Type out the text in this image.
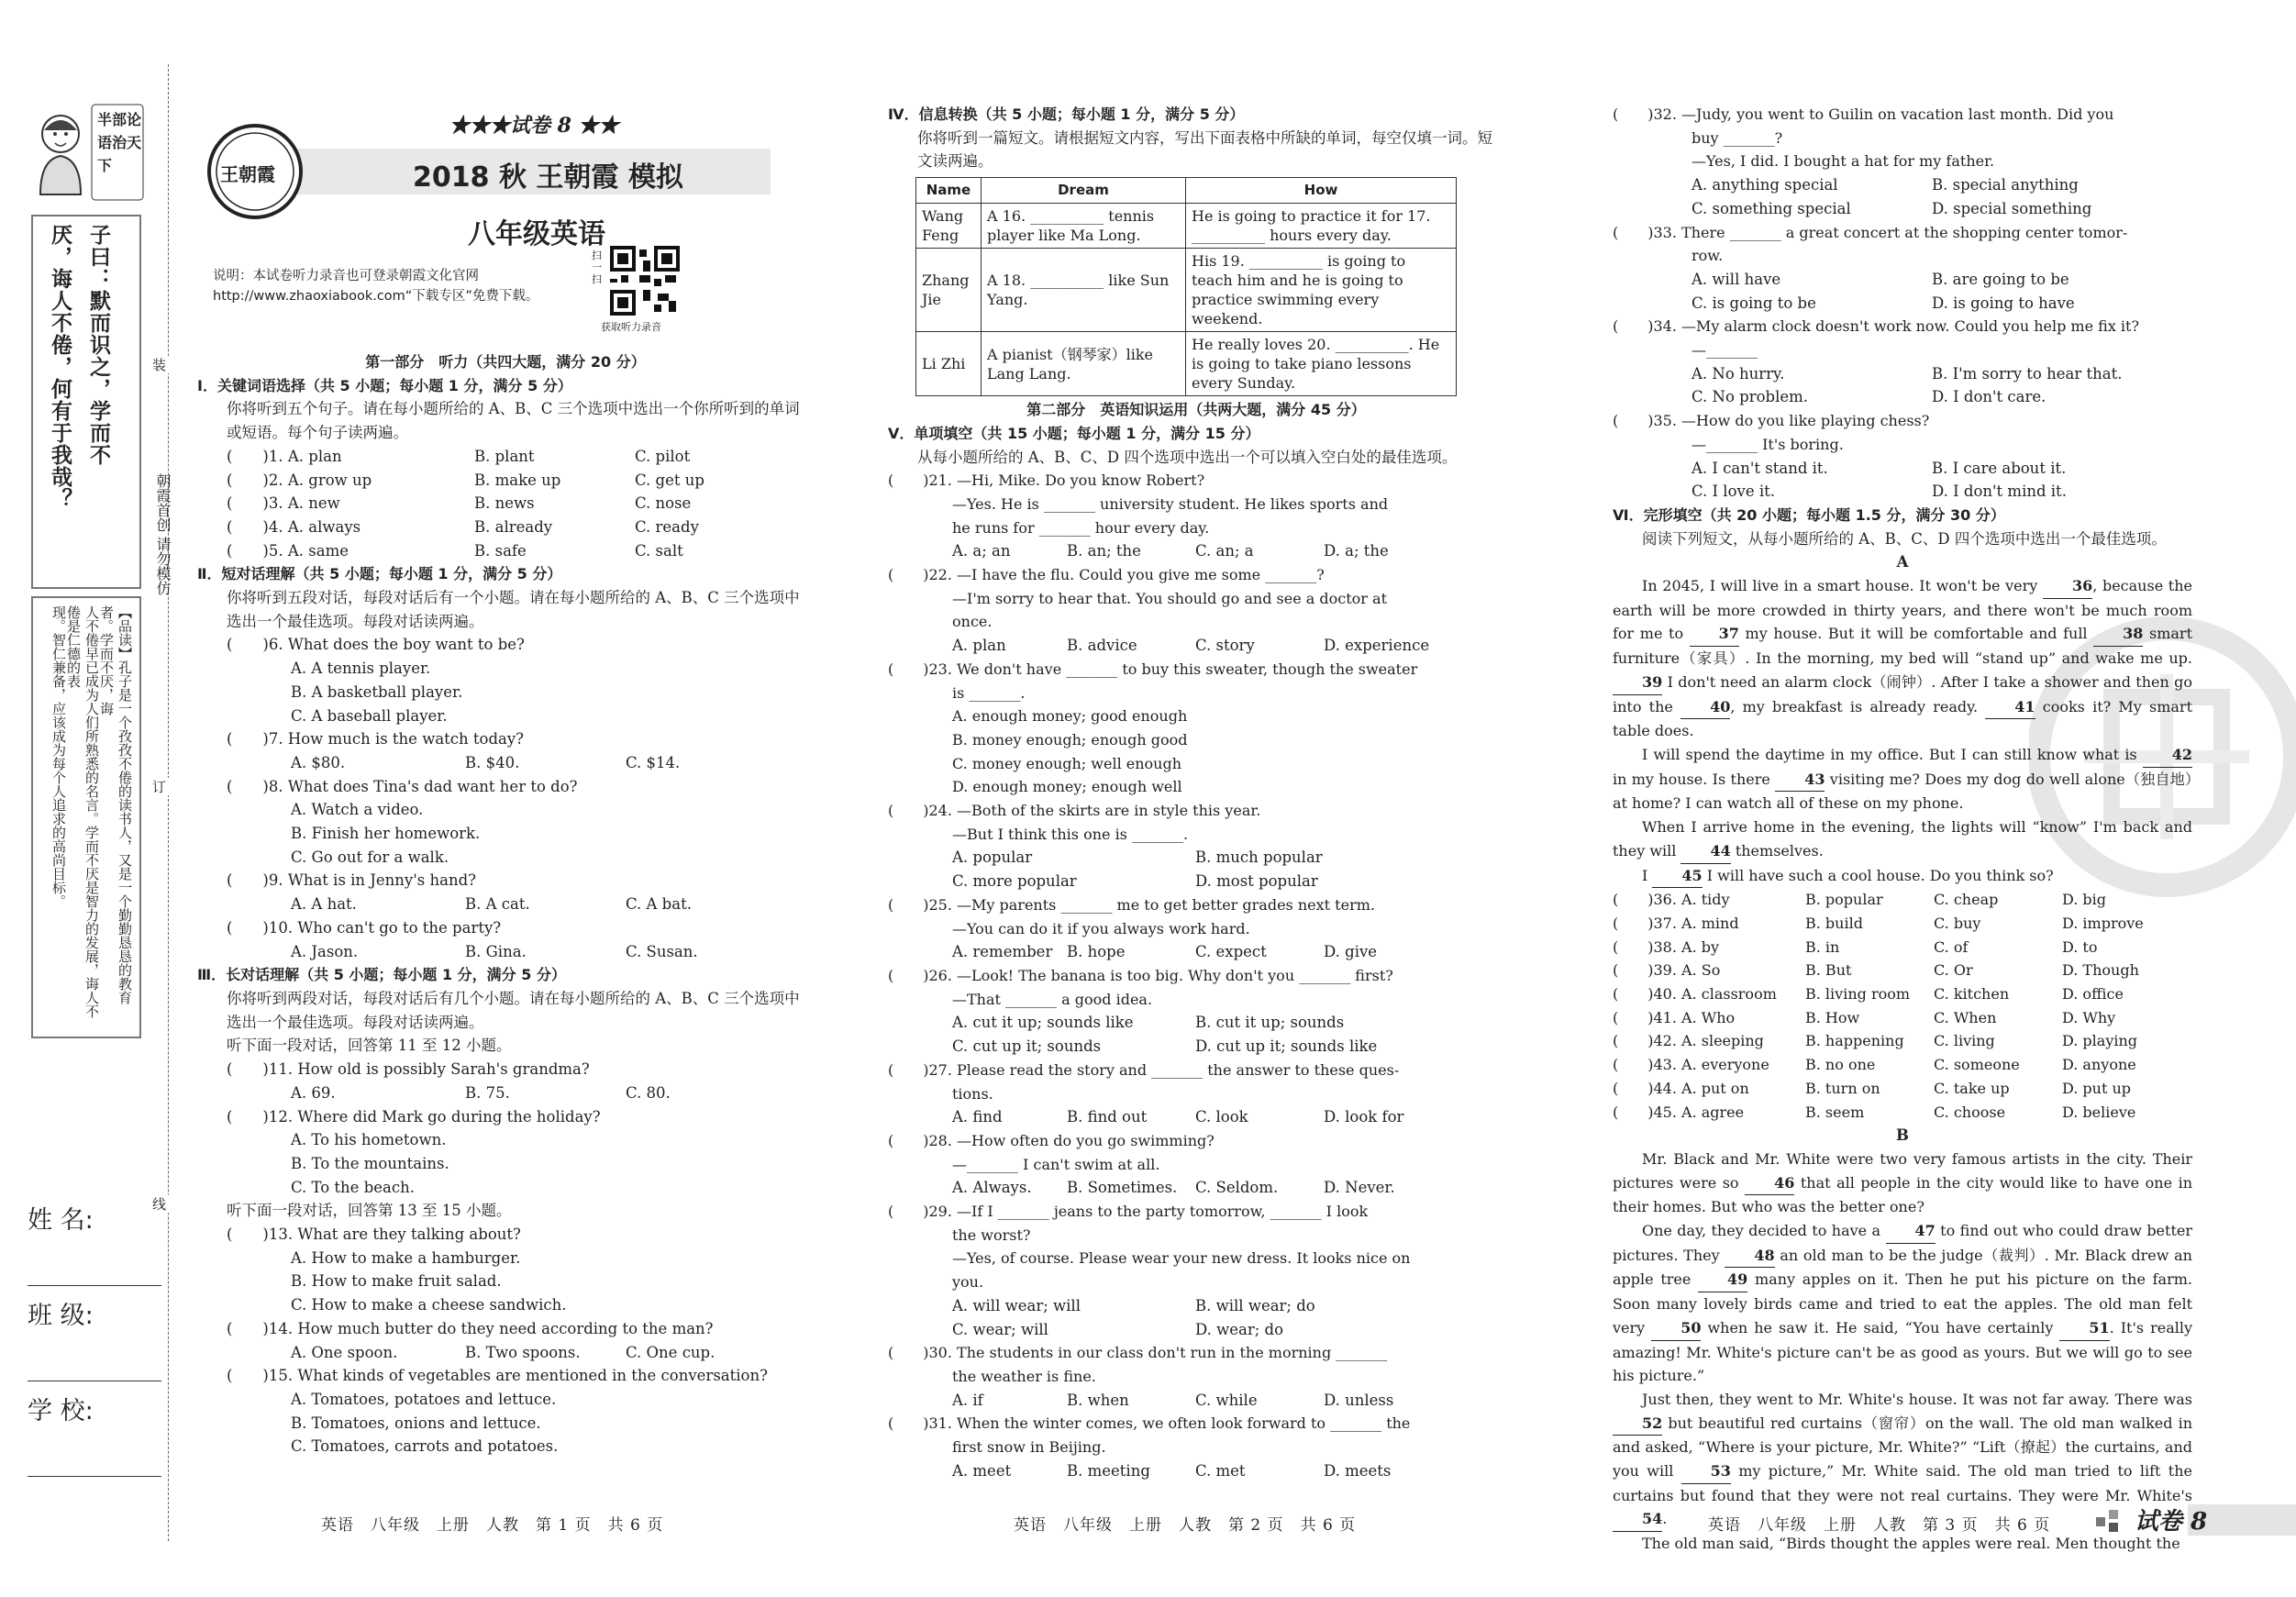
半部论语治天下
子曰：默而识之，学而不
厌，诲人不倦，何有于我哉？
【品读】孔子是一个孜孜不倦的读书人，又是一个勤勤恳恳的教育者。学而不厌，诲
人不倦早已成为人们所熟悉的名言。学而不厌是智力的发展，诲人不倦是仁德的表
现。智仁兼备，应该成为每个人追求的高尚目标。
姓 名:
班 级:
学 校:
装
订
线
朝霞首创 请勿模仿
王朝霞
★★★试卷 8 ★★
2018 秋 王朝霞 模拟
八年级英语
说明：本试卷听力录音也可登录朝霞文化官网 http://www.zhaoxiabook.com“下载专区”免费下载。
扫一扫
获取听力录音

第一部分　听力（共四大题，满分 20 分）

Ⅰ．关键词语选择（共 5 小题；每小题 1 分，满分 5 分）

你将听到五个句子。请在每小题所给的 A、B、C 三个选项中选出一个你所听到的单词或短语。每个句子读两遍。

(　　)1. A. plan	B. plant	C. pilot
(　　)2. A. grow up	B. make up	C. get up
(　　)3. A. new	B. news	C. nose
(　　)4. A. always	B. already	C. ready
(　　)5. A. same	B. safe	C. salt

Ⅱ．短对话理解（共 5 小题；每小题 1 分，满分 5 分）

你将听到五段对话，每段对话后有一个小题。请在每小题所给的 A、B、C 三个选项中选出一个最佳选项。每段对话读两遍。

(　　)6. What does the boy want to be?

A. A tennis player.

B. A basketball player.

C. A baseball player.

(　　)7. How much is the watch today?

A. $80.	B. $40.	C. $14.

(　　)8. What does Tina's dad want her to do?

A. Watch a video.

B. Finish her homework.

C. Go out for a walk.

(　　)9. What is in Jenny's hand?

A. A hat.	B. A cat.	C. A bat.

(　　)10. Who can't go to the party?

A. Jason.	B. Gina.	C. Susan.

Ⅲ．长对话理解（共 5 小题；每小题 1 分，满分 5 分）

你将听到两段对话，每段对话后有几个小题。请在每小题所给的 A、B、C 三个选项中选出一个最佳选项。每段对话读两遍。

听下面一段对话，回答第 11 至 12 小题。

(　　)11. How old is possibly Sarah's grandma?

A. 69.	B. 75.	C. 80.

(　　)12. Where did Mark go during the holiday?

A. To his hometown.

B. To the mountains.

C. To the beach.

听下面一段对话，回答第 13 至 15 小题。

(　　)13. What are they talking about?

A. How to make a hamburger.

B. How to make fruit salad.

C. How to make a cheese sandwich.

(　　)14. How much butter do they need according to the man?

A. One spoon.	B. Two spoons.	C. One cup.

(　　)15. What kinds of vegetables are mentioned in the conversation?

A. Tomatoes, potatoes and lettuce.

B. Tomatoes, onions and lettuce.

C. Tomatoes, carrots and potatoes.

英语　八年级　上册　人教　第 1 页　共 6 页

Ⅳ．信息转换（共 5 小题；每小题 1 分，满分 5 分）

你将听到一篇短文。请根据短文内容，写出下面表格中所缺的单词，每空仅填一词。短文读两遍。

Name	Dream	How
Wang Feng	A 16. __________ tennis player like Ma Long.	He is going to practice it for 17. __________ hours every day.
Zhang Jie	A 18. __________ like Sun Yang.	His 19. __________ is going to teach him and he is going to practice swimming every weekend.
Li Zhi	A pianist（钢琴家）like Lang Lang.	He really loves 20. __________. He is going to take piano lessons every Sunday.

第二部分　英语知识运用（共两大题，满分 45 分）

Ⅴ．单项填空（共 15 小题；每小题 1 分，满分 15 分）

从每小题所给的 A、B、C、D 四个选项中选出一个可以填入空白处的最佳选项。

(　　)21. —Hi, Mike. Do you know Robert?

—Yes. He is _______ university student. He likes sports and

he runs for _______ hour every day.

A. a; an	B. an; the	C. an; a	D. a; the

(　　)22. —I have the flu. Could you give me some _______?

—I'm sorry to hear that. You should go and see a doctor at

once.

A. plan	B. advice	C. story	D. experience

(　　)23. We don't have _______ to buy this sweater, though the sweater

is _______.

A. enough money; good enough

B. money enough; enough good

C. money enough; well enough

D. enough money; enough well

(　　)24. —Both of the skirts are in style this year.

—But I think this one is _______.

A. popular	B. much popular
C. more popular	D. most popular

(　　)25. —My parents _______ me to get better grades next term.

—You can do it if you always work hard.

A. remember B. hope	C. expect	D. give

(　　)26. —Look! The banana is too big. Why don't you _______ first?

—That _______ a good idea.

A. cut it up; sounds like	B. cut it up; sounds
C. cut up it; sounds	D. cut up it; sounds like

(　　)27. Please read the story and _______ the answer to these ques-

tions.

A. find	B. find out	C. look	D. look for

(　　)28. —How often do you go swimming?

—_______ I can't swim at all.

A. Always.	B. Sometimes.	C. Seldom.	D. Never.

(　　)29. —If I _______ jeans to the party tomorrow, _______ I look

the worst?

—Yes, of course. Please wear your new dress. It looks nice on

you.

A. will wear; will	B. will wear; do
C. wear; will	D. wear; do

(　　)30. The students in our class don't run in the morning _______

the weather is fine.

A. if	B. when	C. while	D. unless

(　　)31. When the winter comes, we often look forward to _______ the

first snow in Beijing.

A. meet	B. meeting	C. met	D. meets
英语　八年级　上册　人教　第 2 页　共 6 页

(　　)32. —Judy, you went to Guilin on vacation last month. Did you

buy _______?

—Yes, I did. I bought a hat for my father.

A. anything special	B. special anything
C. something special	D. special something

(　　)33. There _______ a great concert at the shopping center tomor-

row.

A. will have	B. are going to be
C. is going to be	D. is going to have

(　　)34. —My alarm clock doesn't work now. Could you help me fix it?

—_______

A. No hurry.	B. I'm sorry to hear that.
C. No problem.	D. I don't care.

(　　)35. —How do you like playing chess?

—_______ It's boring.

A. I can't stand it.	B. I care about it.
C. I love it.	D. I don't mind it.

Ⅵ．完形填空（共 20 小题；每小题 1.5 分，满分 30 分）

阅读下列短文，从每小题所给的 A、B、C、D 四个选项中选出一个最佳选项。

A

In 2045, I will live in a smart house. It won't be very 36, because the earth will be more crowded in thirty years, and there won't be much room for me to 37 my house. But it will be comfortable and full 38 smart furniture（家具）. In the morning, my bed will “stand up” and wake me up. 39 I don't need an alarm clock（闹钟）. After I take a shower and then go into the 40, my breakfast is already ready. 41 cooks it? My smart table does.

I will spend the daytime in my office. But I can still know what is 42 in my house. Is there 43 visiting me? Does my dog do well alone（独自地）at home? I can watch all of these on my phone.

When I arrive home in the evening, the lights will “know” I'm back and they will 44 themselves.

I 45 I will have such a cool house. Do you think so?

(　　)36. A. tidy	B. popular	C. cheap	D. big
(　　)37. A. mind	B. build	C. buy	D. improve
(　　)38. A. by	B. in	C. of	D. to
(　　)39. A. So	B. But	C. Or	D. Though
(　　)40. A. classroom	B. living room	C. kitchen	D. office
(　　)41. A. Who	B. How	C. When	D. Why
(　　)42. A. sleeping	B. happening	C. living	D. playing
(　　)43. A. everyone	B. no one	C. someone	D. anyone
(　　)44. A. put on	B. turn on	C. take up	D. put up
(　　)45. A. agree	B. seem	C. choose	D. believe

B

Mr. Black and Mr. White were two very famous artists in the city. Their pictures were so 46 that all people in the city would like to have one in their homes. But who was the better one?

One day, they decided to have a 47 to find out who could draw better pictures. They 48 an old man to be the judge（裁判）. Mr. Black drew an apple tree 49 many apples on it. Then he put his picture on the farm. Soon many lovely birds came and tried to eat the apples. The old man felt very 50 when he saw it. He said, “You have certainly 51. It's really amazing! Mr. White's picture can't be as good as yours. But we will go to see his picture.”

Just then, they went to Mr. White's house. It was not far away. There was 52 but beautiful red curtains（窗帘）on the wall. The old man walked in and asked, “Where is your picture, Mr. White?” “Lift（撩起）the curtains, and you will 53 my picture,” Mr. White said. The old man tried to lift the curtains but found that they were not real curtains. They were Mr. White's 54.

The old man said, “Birds thought the apples were real. Men thought the

英语　八年级　上册　人教　第 3 页　共 6 页	试卷 8
